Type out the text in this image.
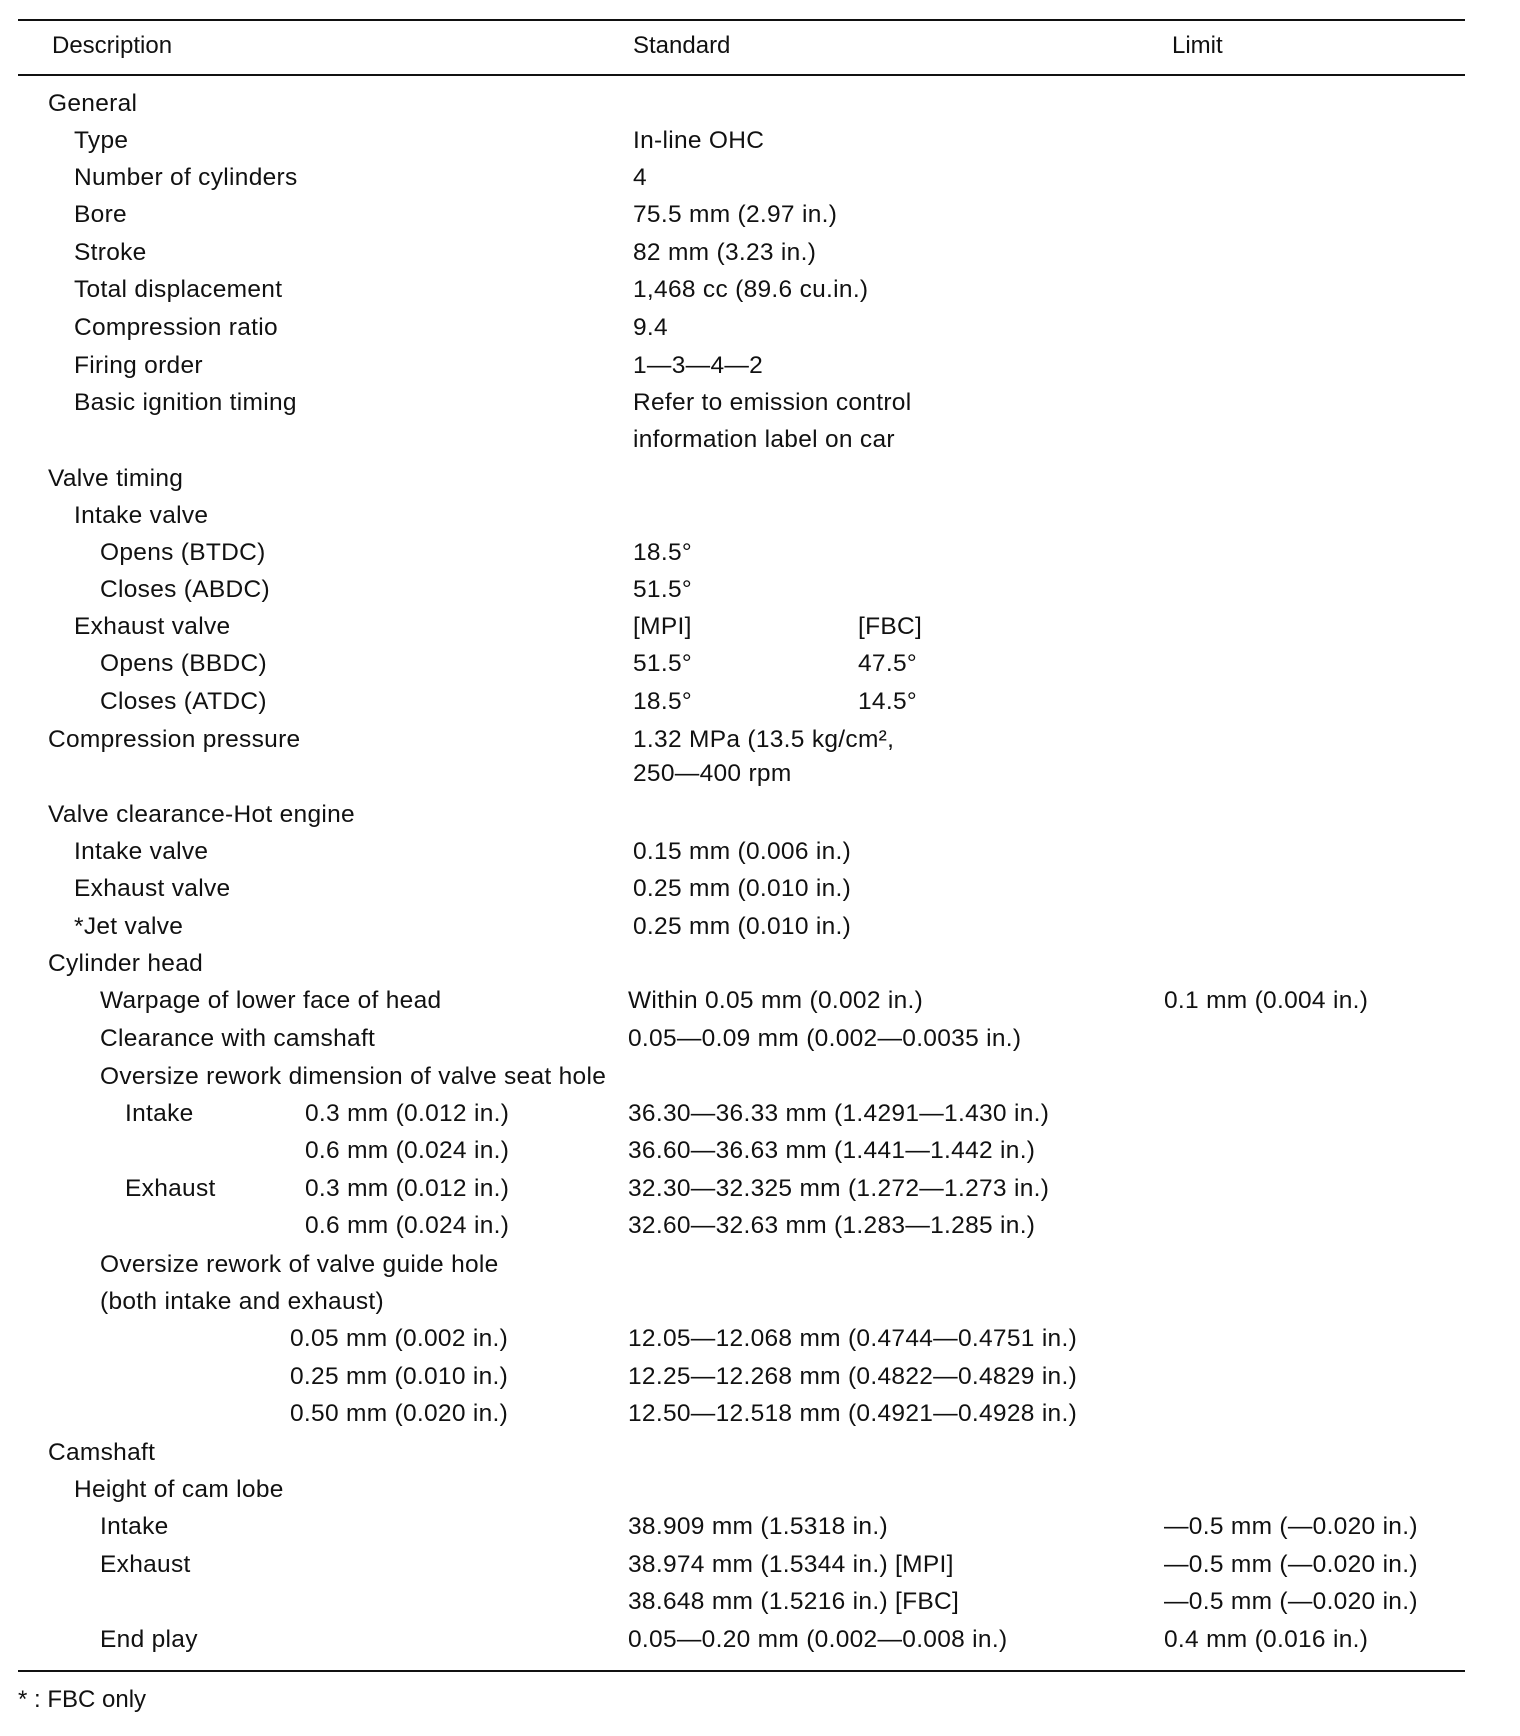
Description	Standard	Limit
General
Type	In-line OHC
Number of cylinders	4
Bore	75.5 mm (2.97 in.)
Stroke	82 mm (3.23 in.)
Total displacement	1,468 cc (89.6 cu.in.)
Compression ratio	9.4
Firing order	1—3—4—2
Basic ignition timing	Refer to emission control
information label on car
Valve timing
Intake valve
Opens (BTDC)	18.5°
Closes (ABDC)	51.5°
Exhaust valve	[MPI]	[FBC]
Opens (BBDC)	51.5°	47.5°
Closes (ATDC)	18.5°	14.5°
Compression pressure	1.32 MPa (13.5 kg/cm²,
250—400 rpm
Valve clearance-Hot engine
Intake valve	0.15 mm (0.006 in.)
Exhaust valve	0.25 mm (0.010 in.)
*Jet valve	0.25 mm (0.010 in.)
Cylinder head
Warpage of lower face of head	Within 0.05 mm (0.002 in.)	0.1 mm (0.004 in.)
Clearance with camshaft	0.05—0.09 mm (0.002—0.0035 in.)
Oversize rework dimension of valve seat hole
Intake	0.3 mm (0.012 in.)	36.30—36.33 mm (1.4291—1.430 in.)
0.6 mm (0.024 in.)	36.60—36.63 mm (1.441—1.442 in.)
Exhaust	0.3 mm (0.012 in.)	32.30—32.325 mm (1.272—1.273 in.)
0.6 mm (0.024 in.)	32.60—32.63 mm (1.283—1.285 in.)
Oversize rework of valve guide hole
(both intake and exhaust)
0.05 mm (0.002 in.)	12.05—12.068 mm (0.4744—0.4751 in.)
0.25 mm (0.010 in.)	12.25—12.268 mm (0.4822—0.4829 in.)
0.50 mm (0.020 in.)	12.50—12.518 mm (0.4921—0.4928 in.)
Camshaft
Height of cam lobe
Intake	38.909 mm (1.5318 in.)	—0.5 mm (—0.020 in.)
Exhaust	38.974 mm (1.5344 in.) [MPI]	—0.5 mm (—0.020 in.)
38.648 mm (1.5216 in.) [FBC]	—0.5 mm (—0.020 in.)
End play	0.05—0.20 mm (0.002—0.008 in.)	0.4 mm (0.016 in.)
* : FBC only
